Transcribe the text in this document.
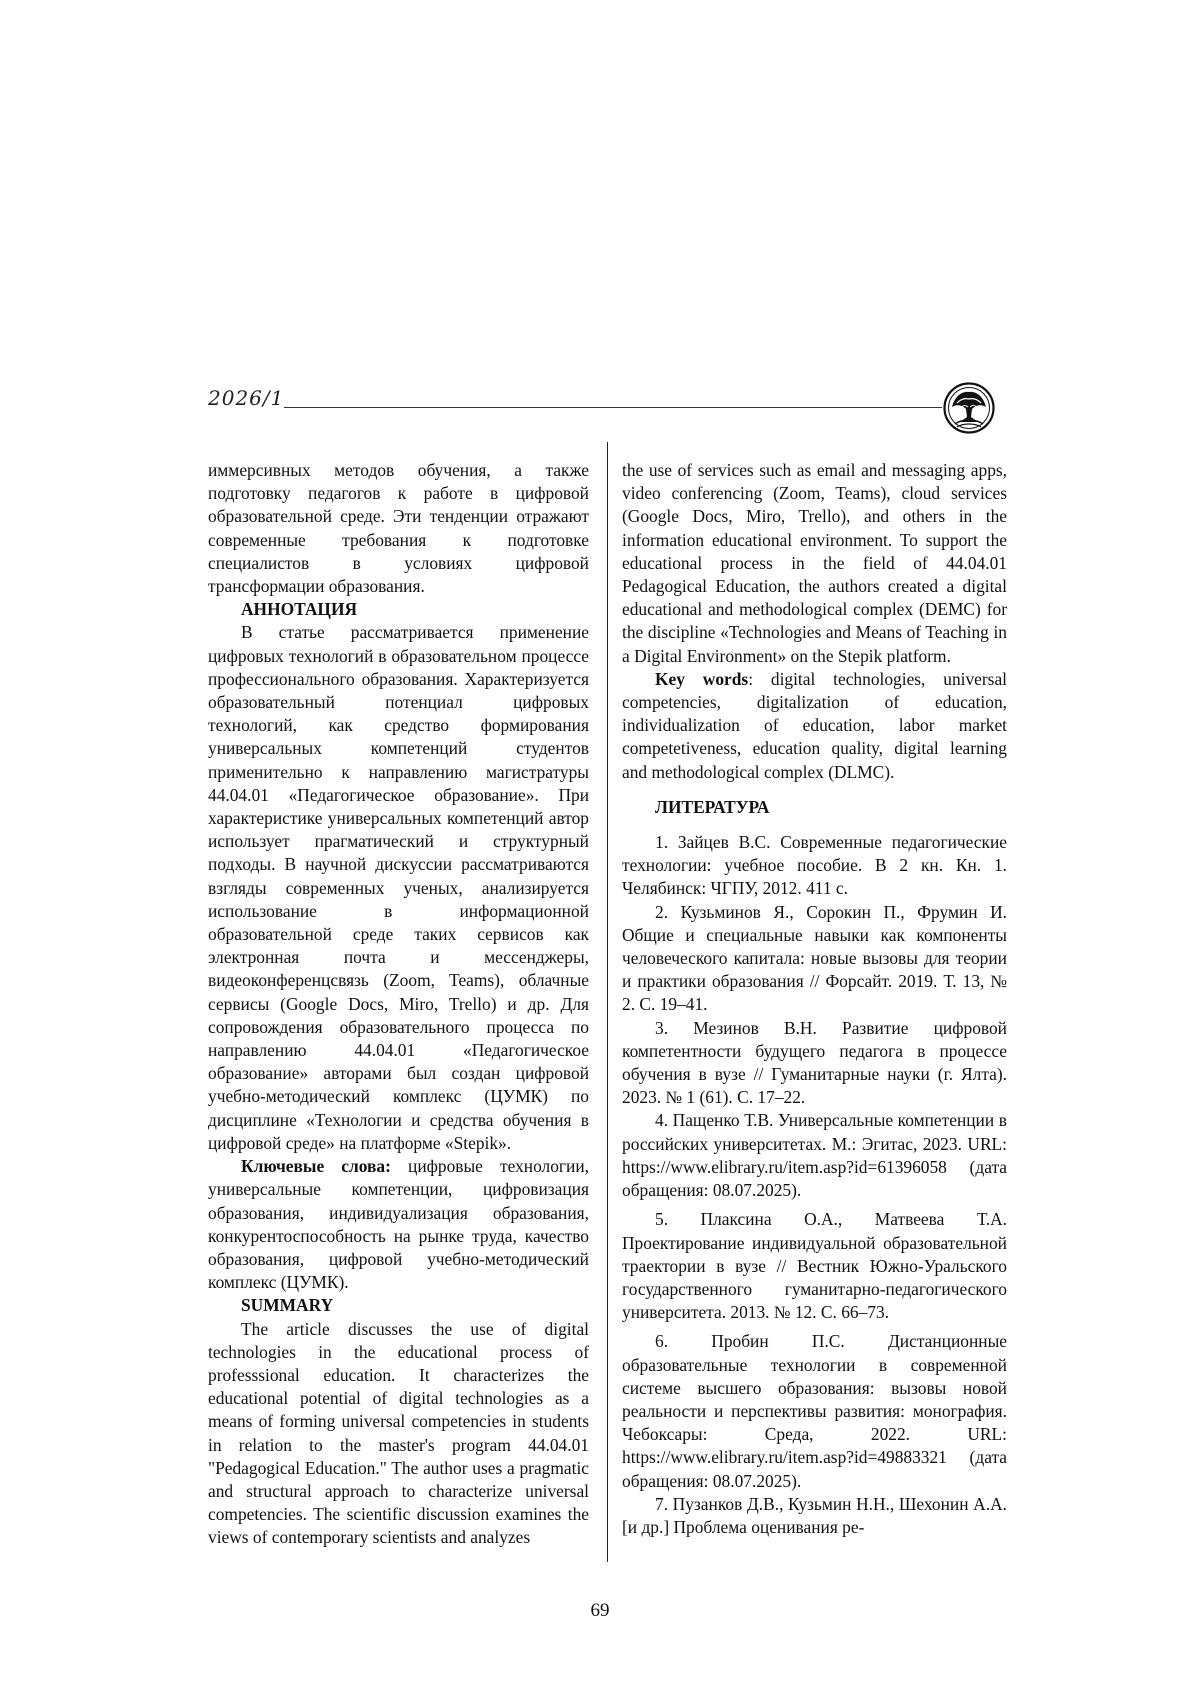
2026/1

иммерсивных методов обучения, а также подготовку педагогов к работе в цифровой образовательной среде. Эти тенденции отражают современные требования к подготовке специалистов в условиях цифровой трансформации образования.

АННОТАЦИЯ

В статье рассматривается применение цифровых технологий в образовательном процессе профессионального образования. Характеризуется образовательный потенциал цифровых технологий, как средство формирования универсальных компетенций студентов применительно к направлению магистратуры 44.04.01 «Педагогическое образование». При характеристике универсальных компетенций автор использует прагматический и структурный подходы. В научной дискуссии рассматриваются взгляды современных ученых, анализируется использование в информационной образовательной среде таких сервисов как электронная почта и мессенджеры, видеоконференцсвязь (Zoom, Teams), облачные сервисы (Google Docs, Miro, Trello) и др. Для сопровождения образовательного процесса по направлению 44.04.01 «Педагогическое образование» авторами был создан цифровой учебно-методический комплекс (ЦУМК) по дисциплине «Технологии и средства обучения в цифровой среде» на платформе «Stepik».

Ключевые слова: цифровые технологии, универсальные компетенции, цифровизация образования, индивидуализация образования, конкурентоспособность на рынке труда, качество образования, цифровой учебно-методический комплекс (ЦУМК).

SUMMARY

The article discusses the use of digital technologies in the educational process of professsional education. It characterizes the educational potential of digital technologies as a means of forming universal competencies in students in relation to the master's program 44.04.01 "Pedagogical Education." The author uses a pragmatic and structural approach to characterize universal competencies. The scientific discussion examines the views of contemporary scientists and analyzes

the use of services such as email and messaging apps, video conferencing (Zoom, Teams), cloud services (Google Docs, Miro, Trello), and others in the information educational environment. To support the educational process in the field of 44.04.01 Pedagogical Education, the authors created a digital educational and methodological complex (DEMC) for the discipline «Technologies and Means of Teaching in a Digital Environment» on the Stepik platform.

Key words: digital technologies, universal competencies, digitalization of education, individualization of education, labor market competetiveness, education quality, digital learning and methodological complex (DLMC).

ЛИТЕРАТУРА

1. Зайцев В.С. Современные педагогические технологии: учебное пособие. В 2 кн. Кн. 1. Челябинск: ЧГПУ, 2012. 411 с.

2. Кузьминов Я., Сорокин П., Фрумин И. Общие и специальные навыки как компоненты человеческого капитала: новые вызовы для теории и практики образования // Форсайт. 2019. Т. 13, № 2. С. 19–41.

3. Мезинов В.Н. Развитие цифровой компетентности будущего педагога в процессе обучения в вузе // Гуманитарные науки (г. Ялта). 2023. № 1 (61). С. 17–22.

4. Пащенко Т.В. Универсальные компетенции в российских университетах. М.: Эгитас, 2023. URL: https://www.elibrary.ru/item.asp?id=61396058 (дата обращения: 08.07.2025).

5. Плаксина О.А., Матвеева Т.А. Проектирование индивидуальной образовательной траектории в вузе // Вестник Южно-Уральского государственного гуманитарно-педагогического университета. 2013. № 12. С. 66–73.

6. Пробин П.С. Дистанционные образовательные технологии в современной системе высшего образования: вызовы новой реальности и перспективы развития: монография. Чебоксары: Среда, 2022. URL: https://www.elibrary.ru/item.asp?id=49883321 (дата обращения: 08.07.2025).

7. Пузанков Д.В., Кузьмин Н.Н., Шехонин А.А. [и др.] Проблема оценивания ре-

69
